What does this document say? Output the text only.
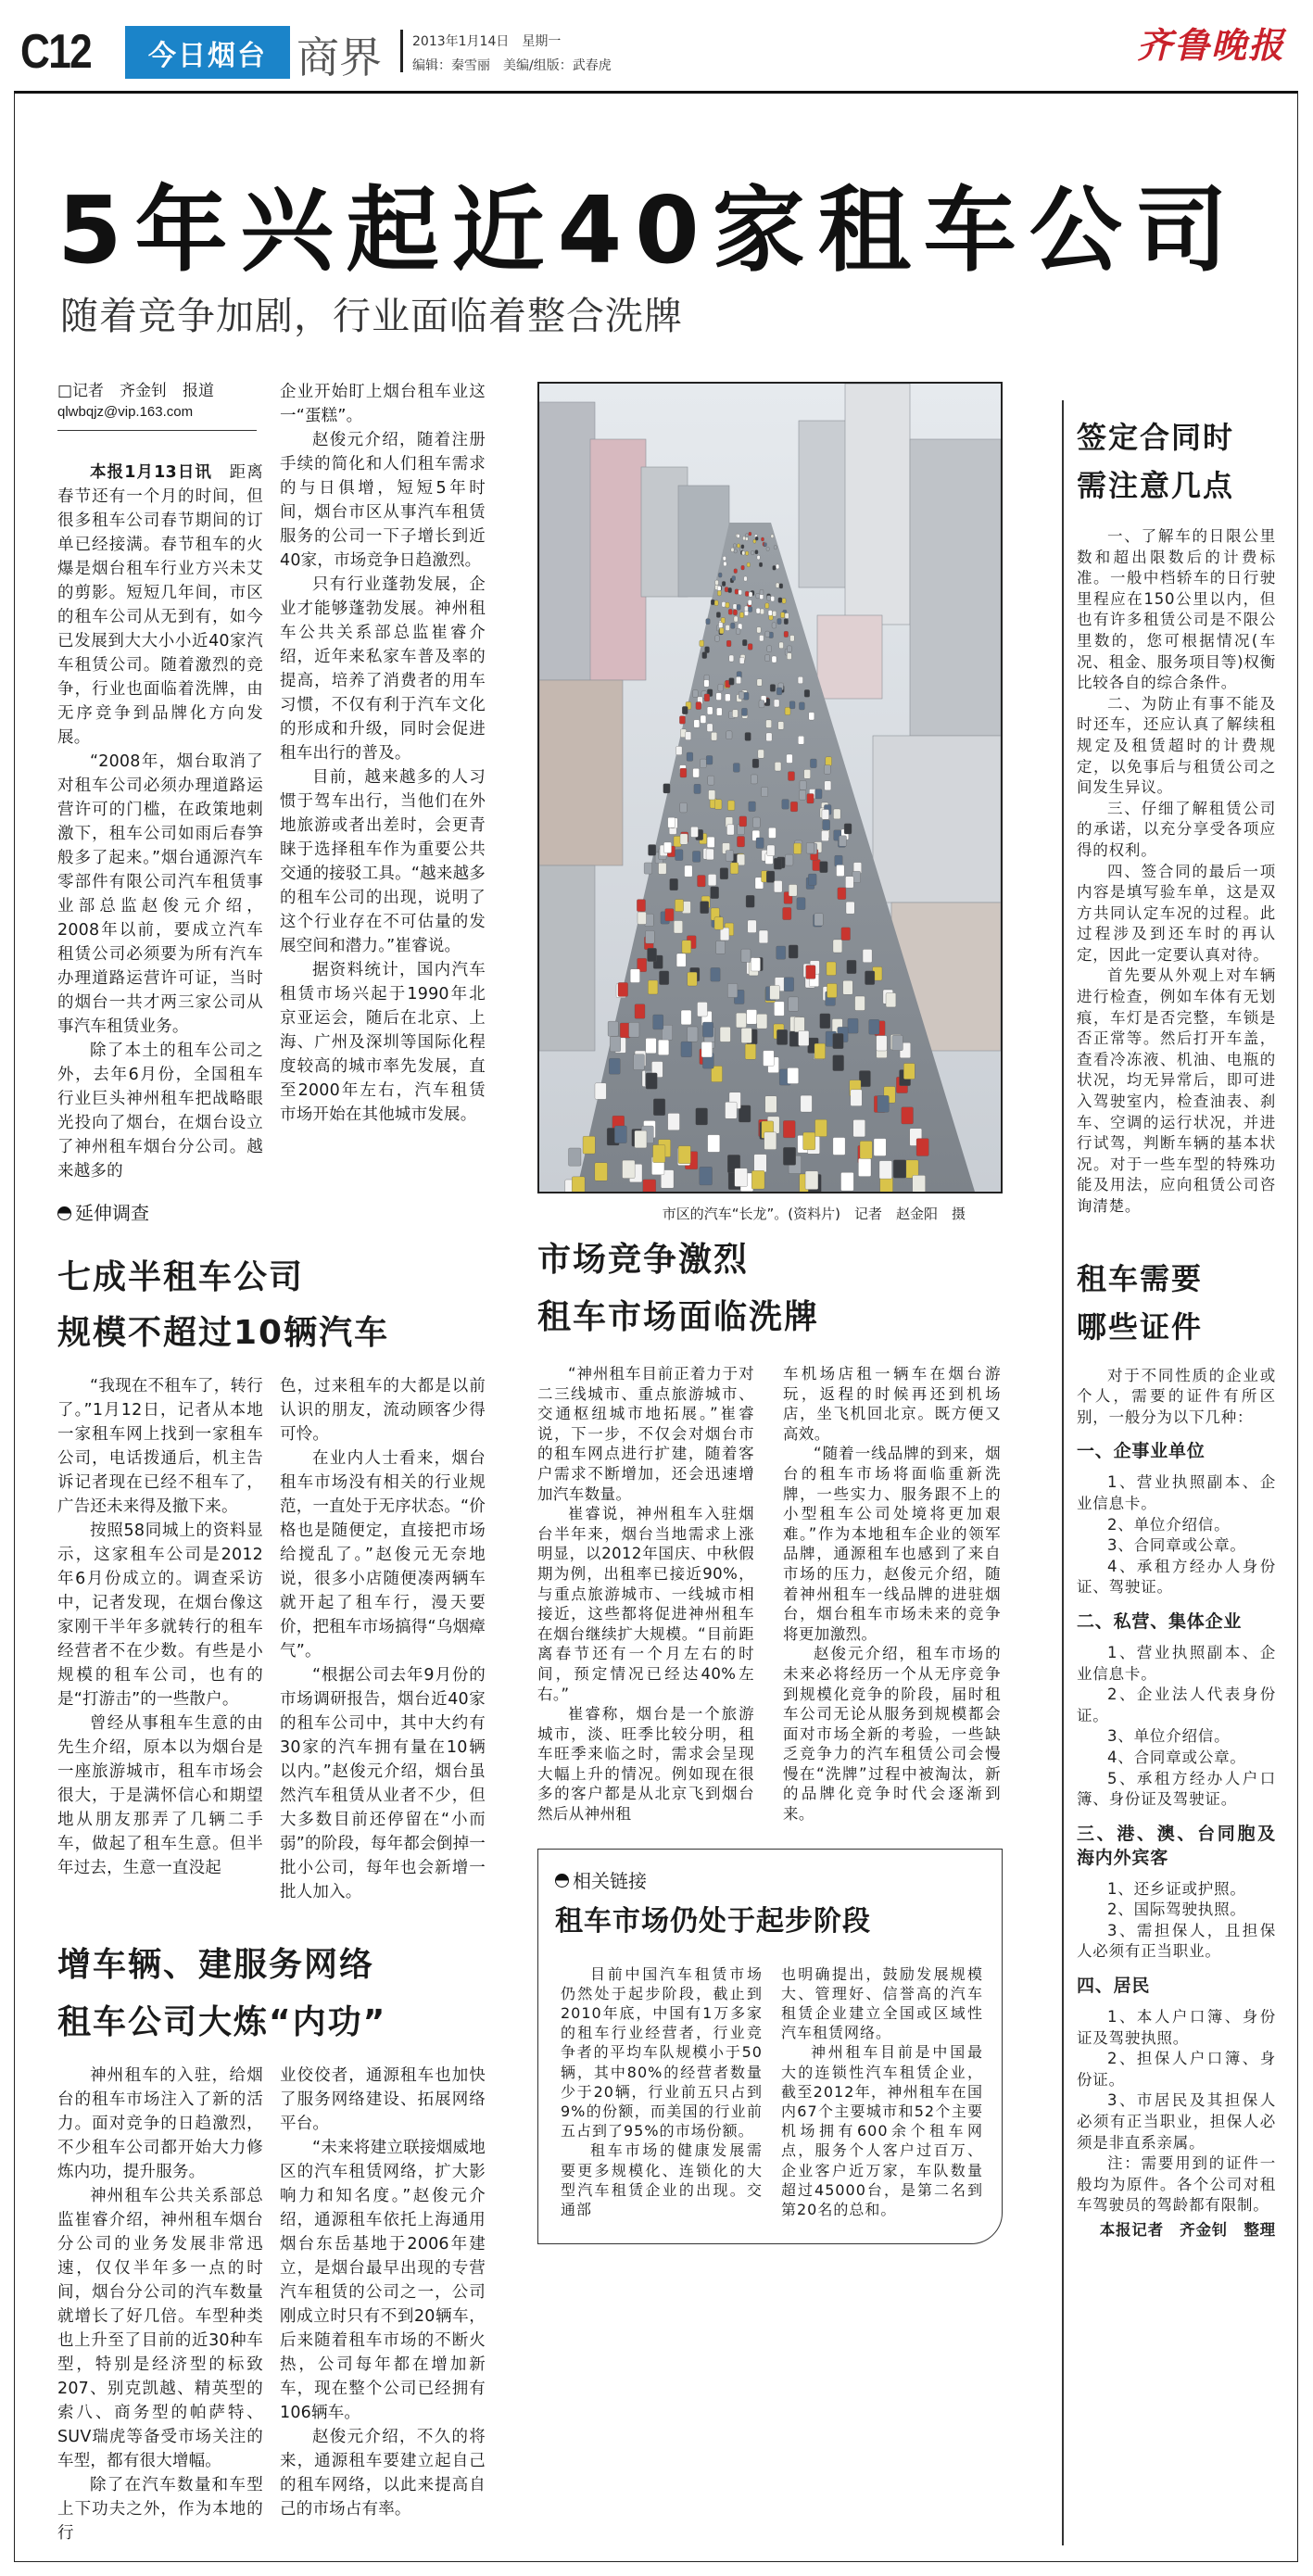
C12	今日烟台 商界 2013年1月14日　星期一
编辑：秦雪丽　美编/组版：武春虎	齐鲁晚报
5年兴起近40家租车公司
随着竞争加剧，行业面临着整合洗牌
□记者　齐金钊　报道
qlwbqjz@vip.163.com

本报1月13日讯　距离春节还有一个月的时间，但很多租车公司春节期间的订单已经接满。春节租车的火爆是烟台租车行业方兴未艾的剪影。短短几年间，市区的租车公司从无到有，如今已发展到大大小小近40家汽车租赁公司。随着激烈的竞争，行业也面临着洗牌，由无序竞争到品牌化方向发展。

“2008年，烟台取消了对租车公司必须办理道路运营许可的门槛，在政策地刺激下，租车公司如雨后春笋般多了起来。”烟台通源汽车零部件有限公司汽车租赁事业部总监赵俊元介绍，2008年以前，要成立汽车租赁公司必须要为所有汽车办理道路运营许可证，当时的烟台一共才两三家公司从事汽车租赁业务。

除了本土的租车公司之外，去年6月份，全国租车行业巨头神州租车把战略眼光投向了烟台，在烟台设立了神州租车烟台分公司。越来越多的

企业开始盯上烟台租车业这一“蛋糕”。

赵俊元介绍，随着注册手续的简化和人们租车需求的与日俱增，短短5年时间，烟台市区从事汽车租赁服务的公司一下子增长到近40家，市场竞争日趋激烈。

只有行业蓬勃发展，企业才能够蓬勃发展。神州租车公共关系部总监崔睿介绍，近年来私家车普及率的提高，培养了消费者的用车习惯，不仅有利于汽车文化的形成和升级，同时会促进租车出行的普及。

目前，越来越多的人习惯于驾车出行，当他们在外地旅游或者出差时，会更青睐于选择租车作为重要公共交通的接驳工具。“越来越多的租车公司的出现，说明了这个行业存在不可估量的发展空间和潜力。”崔睿说。

据资料统计，国内汽车租赁市场兴起于1990年北京亚运会，随后在北京、上海、广州及深圳等国际化程度较高的城市率先发展，直至2000年左右，汽车租赁市场开始在其他城市发展。

延伸调查
七成半租车公司
规模不超过10辆汽车

“我现在不租车了，转行了。”1月12日，记者从本地一家租车网上找到一家租车公司，电话拨通后，机主告诉记者现在已经不租车了，广告还未来得及撤下来。

按照58同城上的资料显示，这家租车公司是2012年6月份成立的。调查采访中，记者发现，在烟台像这家刚干半年多就转行的租车经营者不在少数。有些是小规模的租车公司，也有的是“打游击”的一些散户。

曾经从事租车生意的由先生介绍，原本以为烟台是一座旅游城市，租车市场会很大，于是满怀信心和期望地从朋友那弄了几辆二手车，做起了租车生意。但半年过去，生意一直没起

色，过来租车的大都是以前认识的朋友，流动顾客少得可怜。

在业内人士看来，烟台租车市场没有相关的行业规范，一直处于无序状态。“价格也是随便定，直接把市场给搅乱了。”赵俊元无奈地说，很多小店随便凑两辆车就开起了租车行，漫天要价，把租车市场搞得“乌烟瘴气”。

“根据公司去年9月份的市场调研报告，烟台近40家的租车公司中，其中大约有30家的汽车拥有量在10辆以内。”赵俊元介绍，烟台虽然汽车租赁从业者不少，但大多数目前还停留在“小而弱”的阶段，每年都会倒掉一批小公司，每年也会新增一批人加入。

增车辆、建服务网络
租车公司大炼“内功”

神州租车的入驻，给烟台的租车市场注入了新的活力。面对竞争的日趋激烈，不少租车公司都开始大力修炼内功，提升服务。

神州租车公共关系部总监崔睿介绍，神州租车烟台分公司的业务发展非常迅速，仅仅半年多一点的时间，烟台分公司的汽车数量就增长了好几倍。车型种类也上升至了目前的近30种车型，特别是经济型的标致207、别克凯越、精英型的索八、商务型的帕萨特、SUV瑞虎等备受市场关注的车型，都有很大增幅。

除了在汽车数量和车型上下功夫之外，作为本地的行

业佼佼者，通源租车也加快了服务网络建设、拓展网络平台。

“未来将建立联接烟威地区的汽车租赁网络，扩大影响力和知名度。”赵俊元介绍，通源租车依托上海通用烟台东岳基地于2006年建立，是烟台最早出现的专营汽车租赁的公司之一，公司刚成立时只有不到20辆车，后来随着租车市场的不断火热，公司每年都在增加新车，现在整个公司已经拥有106辆车。

赵俊元介绍，不久的将来，通源租车要建立起自己的租车网络，以此来提高自己的市场占有率。

市区的汽车“长龙”。(资料片)　记者　赵金阳　摄
市场竞争激烈
租车市场面临洗牌

“神州租车目前正着力于对二三线城市、重点旅游城市、交通枢纽城市地拓展。”崔睿说，下一步，不仅会对烟台市的租车网点进行扩建，随着客户需求不断增加，还会迅速增加汽车数量。

崔睿说，神州租车入驻烟台半年来，烟台当地需求上涨明显，以2012年国庆、中秋假期为例，出租率已接近90%，与重点旅游城市、一线城市相接近，这些都将促进神州租车在烟台继续扩大规模。“目前距离春节还有一个月左右的时间，预定情况已经达40%左右。”

崔睿称，烟台是一个旅游城市，淡、旺季比较分明，租车旺季来临之时，需求会呈现大幅上升的情况。例如现在很多的客户都是从北京飞到烟台然后从神州租

车机场店租一辆车在烟台游玩，返程的时候再还到机场店，坐飞机回北京。既方便又高效。

“随着一线品牌的到来，烟台的租车市场将面临重新洗牌，一些实力、服务跟不上的小型租车公司处境将更加艰难。”作为本地租车企业的领军品牌，通源租车也感到了来自市场的压力，赵俊元介绍，随着神州租车一线品牌的进驻烟台，烟台租车市场未来的竞争将更加激烈。

赵俊元介绍，租车市场的未来必将经历一个从无序竞争到规模化竞争的阶段，届时租车公司无论从服务到规模都会面对市场全新的考验，一些缺乏竞争力的汽车租赁公司会慢慢在“洗牌”过程中被淘汰，新的品牌化竞争时代会逐渐到来。

相关链接
租车市场仍处于起步阶段

目前中国汽车租赁市场仍然处于起步阶段，截止到2010年底，中国有1万多家的租车行业经营者，行业竞争者的平均车队规模小于50辆，其中80%的经营者数量少于20辆，行业前五只占到9%的份额，而美国的行业前五占到了95%的市场份额。

租车市场的健康发展需要更多规模化、连锁化的大型汽车租赁企业的出现。交通部

也明确提出，鼓励发展规模大、管理好、信誉高的汽车租赁企业建立全国或区域性汽车租赁网络。

神州租车目前是中国最大的连锁性汽车租赁企业，截至2012年，神州租车在国内67个主要城市和52个主要机场拥有600余个租车网点，服务个人客户过百万、企业客户近万家，车队数量超过45000台，是第二名到第20名的总和。

签定合同时
需注意几点

一、了解车的日限公里数和超出限数后的计费标准。一般中档轿车的日行驶里程应在150公里以内，但也有许多租赁公司是不限公里数的，您可根据情况(车况、租金、服务项目等)权衡比较各自的综合条件。

二、为防止有事不能及时还车，还应认真了解续租规定及租赁超时的计费规定，以免事后与租赁公司之间发生异议。

三、仔细了解租赁公司的承诺，以充分享受各项应得的权利。

四、签合同的最后一项内容是填写验车单，这是双方共同认定车况的过程。此过程涉及到还车时的再认定，因此一定要认真对待。

首先要从外观上对车辆进行检查，例如车体有无划痕，车灯是否完整，车锁是否正常等。然后打开车盖，查看冷冻液、机油、电瓶的状况，均无异常后，即可进入驾驶室内，检查油表、刹车、空调的运行状况，并进行试驾，判断车辆的基本状况。对于一些车型的特殊功能及用法，应向租赁公司咨询清楚。

租车需要
哪些证件

对于不同性质的企业或个人，需要的证件有所区别，一般分为以下几种：

一、企事业单位

1、营业执照副本、企业信息卡。

2、单位介绍信。

3、合同章或公章。

4、承租方经办人身份证、驾驶证。

二、私营、集体企业

1、营业执照副本、企业信息卡。

2、企业法人代表身份证。

3、单位介绍信。

4、合同章或公章。

5、承租方经办人户口簿、身份证及驾驶证。

三、港、澳、台同胞及海内外宾客

1、还乡证或护照。

2、国际驾驶执照。

3、需担保人，且担保人必须有正当职业。

四、居民

1、本人户口簿、身份证及驾驶执照。

2、担保人户口簿、身份证。

3、市居民及其担保人必须有正当职业，担保人必须是非直系亲属。

注：需要用到的证件一般均为原件。各个公司对租车驾驶员的驾龄都有限制。

本报记者　齐金钊　整理
